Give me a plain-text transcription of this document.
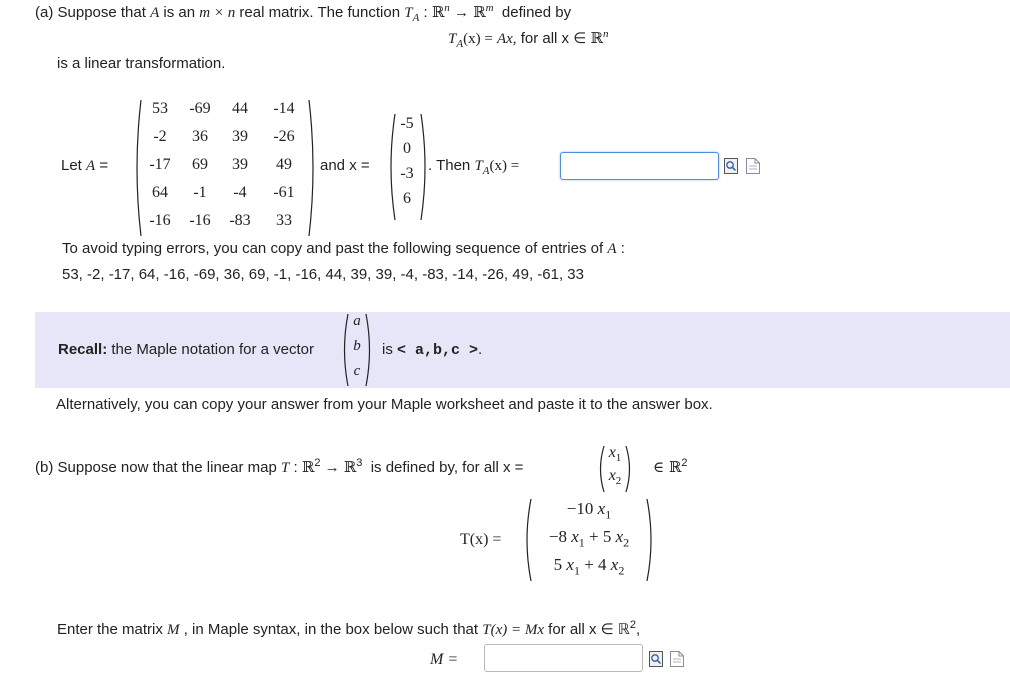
(a) Suppose that A is an m × n real matrix. The function $T_A$ : ℝ$^n$ → ℝ$^m$ defined by
$T_A(x) = Ax$, for all x ∈ ℝ$^n$
is a linear transformation.
Let A =
53	-69	44	-14
-2	36	39	-26
-17	69	39	49
64	-1	-4	-61
-16	-16	-83	33
and x =
-5
0
-3
6
. Then $T_A(x)$ =
To avoid typing errors, you can copy and past the following sequence of entries of A :
53, -2, -17, 64, -16, -69, 36, 69, -1, -16, 44, 39, 39, -4, -83, -14, -26, 49, -61, 33
Recall: the Maple notation for a vector
a
b
c
is < a,b,c >.
Alternatively, you can copy your answer from your Maple worksheet and paste it to the answer box.
(b) Suppose now that the linear map T : ℝ$^2$ → ℝ$^3$ is defined by, for all x =
$x_1$
$x_2$
∈ ℝ$^2$
T(x) =
−10 $x_1$
−8 $x_1 + 5$ $x_2$
5 $x_1 + 4$ $x_2$
Enter the matrix M , in Maple syntax, in the box below such that T(x) = Mx for all x ∈ ℝ$^2$,
M =
